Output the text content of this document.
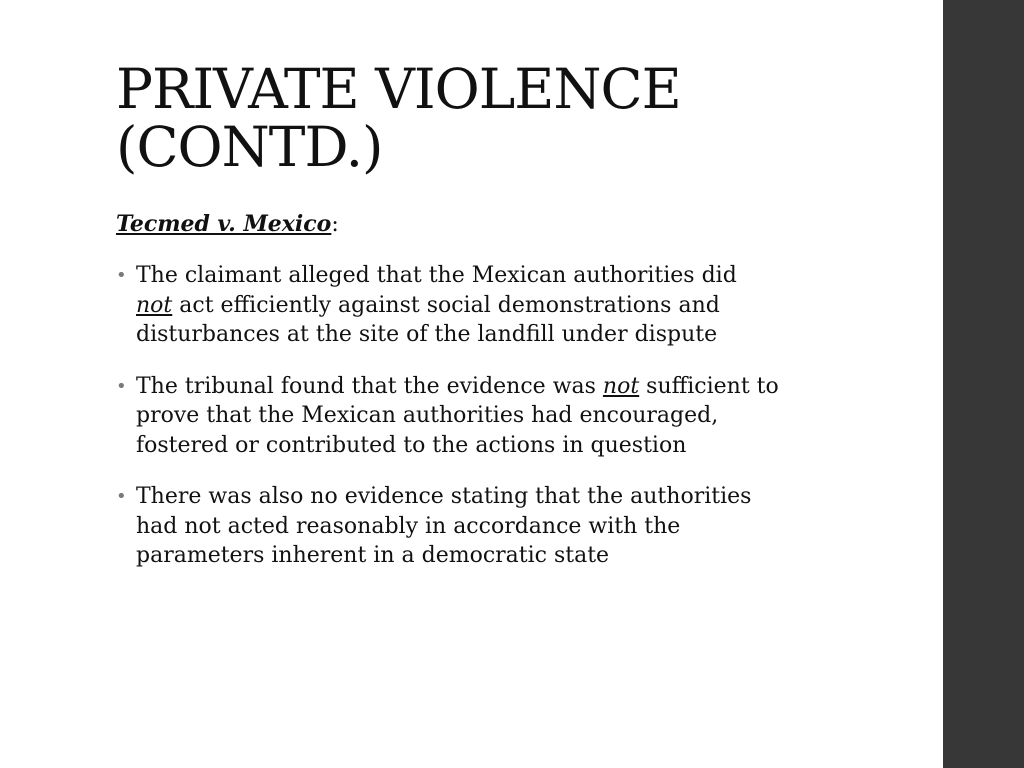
PRIVATE VIOLENCE
(CONTD.)

Tecmed v. Mexico:

• The claimant alleged that the Mexican authorities did
not act efficiently against social demonstrations and
disturbances at the site of the landfill under dispute
• The tribunal found that the evidence was not sufficient to
prove that the Mexican authorities had encouraged,
fostered or contributed to the actions in question
• There was also no evidence stating that the authorities
had not acted reasonably in accordance with the
parameters inherent in a democratic state
